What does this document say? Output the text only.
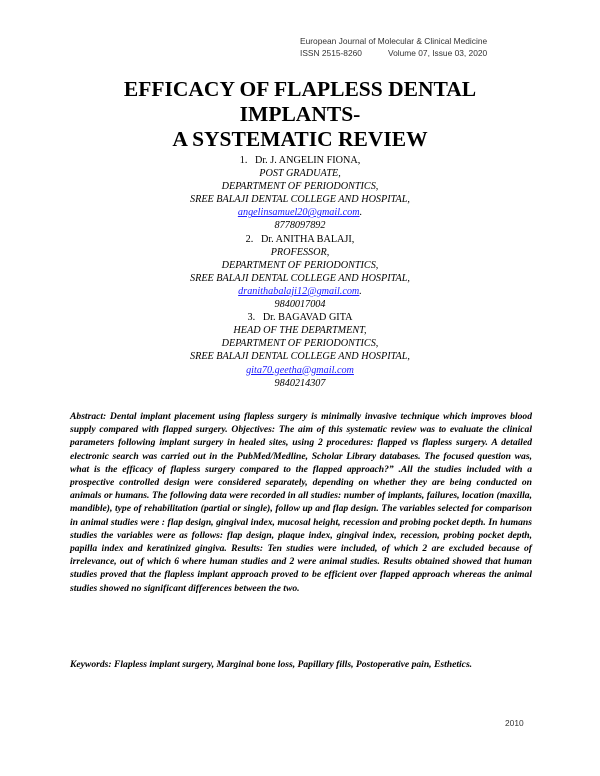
European Journal of Molecular & Clinical Medicine
ISSN 2515-8260	Volume 07, Issue 03, 2020
EFFICACY OF FLAPLESS DENTAL
IMPLANTS-
A SYSTEMATIC REVIEW
1. Dr. J. ANGELIN FIONA,
POST GRADUATE,
DEPARTMENT OF PERIODONTICS,
SREE BALAJI DENTAL COLLEGE AND HOSPITAL,
angelinsamuel20@gmail.com.
8778097892
2. Dr. ANITHA BALAJI,
PROFESSOR,
DEPARTMENT OF PERIODONTICS,
SREE BALAJI DENTAL COLLEGE AND HOSPITAL,
dranithabalaji12@gmail.com.
9840017004
3. Dr. BAGAVAD GITA
HEAD OF THE DEPARTMENT,
DEPARTMENT OF PERIODONTICS,
SREE BALAJI DENTAL COLLEGE AND HOSPITAL,
gita70.geetha@gmail.com
9840214307

Abstract: Dental implant placement using flapless surgery is minimally invasive technique which improves blood supply compared with flapped surgery. Objectives: The aim of this systematic review was to evaluate the clinical parameters following implant surgery in healed sites, using 2 procedures: flapped vs flapless surgery. A detailed electronic search was carried out in the PubMed/Medline, Scholar Library databases. The focused question was, what is the efficacy of flapless surgery compared to the flapped approach?” .All the studies included with a prospective controlled design were considered separately, depending on whether they are being conducted on animals or humans. The following data were recorded in all studies: number of implants, failures, location (maxilla, mandible), type of rehabilitation (partial or single), follow up and flap design. The variables selected for comparison in animal studies were : flap design, gingival index, mucosal height, recession and probing pocket depth. In humans studies the variables were as follows: flap design, plaque index, gingival index, recession, probing pocket depth, papilla index and keratinized gingiva. Results: Ten studies were included, of which 2 are excluded because of irrelevance, out of which 6 where human studies and 2 were animal studies. Results obtained showed that human studies proved that the flapless implant approach proved to be efficient over flapped approach whereas the animal studies showed no significant differences between the two.

Keywords: Flapless implant surgery, Marginal bone loss, Papillary fills, Postoperative pain, Esthetics.

2010
